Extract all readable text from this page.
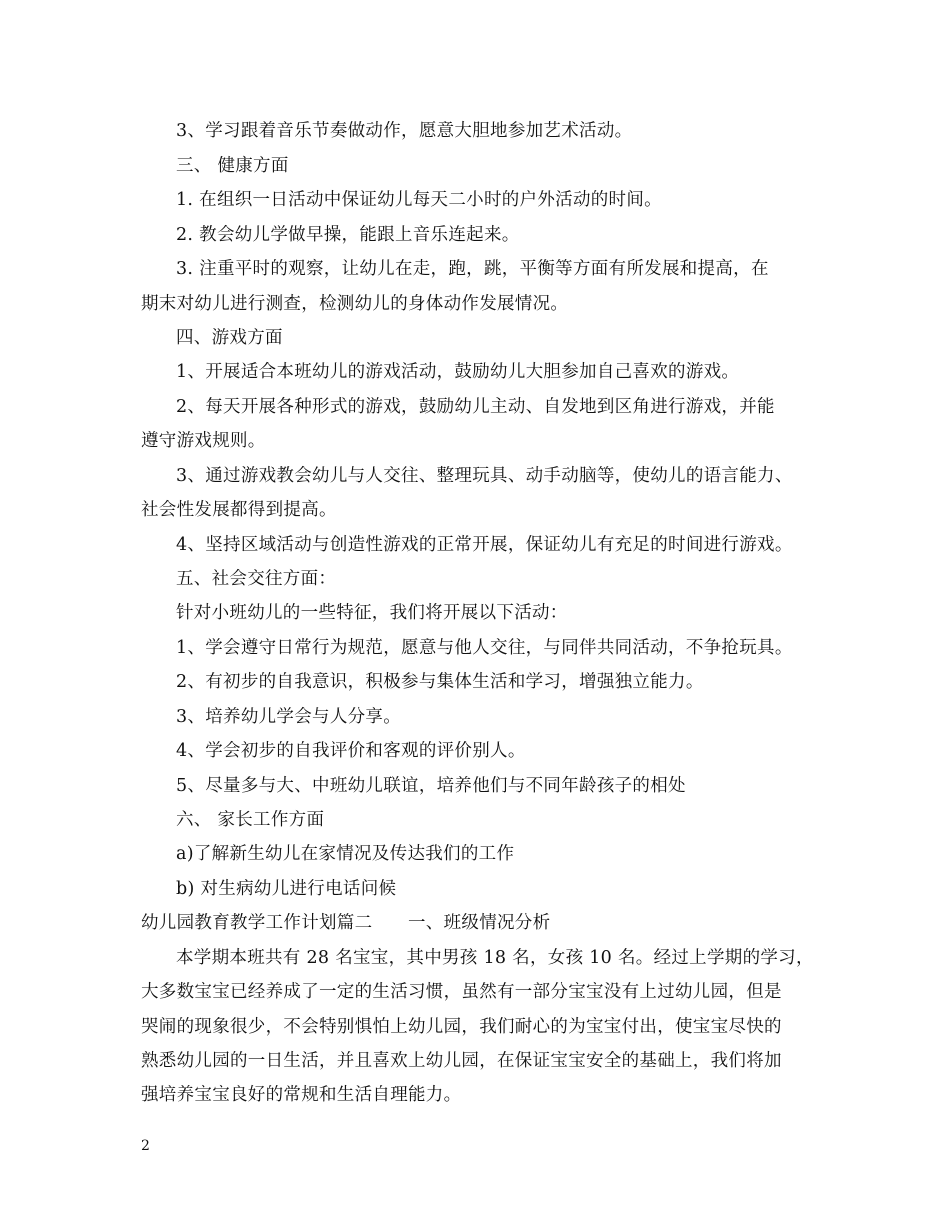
3、学习跟着音乐节奏做动作，愿意大胆地参加艺术活动。
三、 健康方面
1. 在组织一日活动中保证幼儿每天二小时的户外活动的时间。
2. 教会幼儿学做早操，能跟上音乐连起来。
3. 注重平时的观察，让幼儿在走，跑，跳，平衡等方面有所发展和提高，在
期末对幼儿进行测查，检测幼儿的身体动作发展情况。
四、游戏方面
1、开展适合本班幼儿的游戏活动，鼓励幼儿大胆参加自己喜欢的游戏。
2、每天开展各种形式的游戏，鼓励幼儿主动、自发地到区角进行游戏，并能
遵守游戏规则。
3、通过游戏教会幼儿与人交往、整理玩具、动手动脑等，使幼儿的语言能力、
社会性发展都得到提高。
4、坚持区域活动与创造性游戏的正常开展，保证幼儿有充足的时间进行游戏。
五、社会交往方面：
针对小班幼儿的一些特征，我们将开展以下活动：
1、学会遵守日常行为规范，愿意与他人交往，与同伴共同活动，不争抢玩具。
2、有初步的自我意识，积极参与集体生活和学习，增强独立能力。
3、培养幼儿学会与人分享。
4、学会初步的自我评价和客观的评价别人。
5、尽量多与大、中班幼儿联谊，培养他们与不同年龄孩子的相处
六、 家长工作方面
a)了解新生幼儿在家情况及传达我们的工作
b) 对生病幼儿进行电话问候
幼儿园教育教学工作计划篇二　　一、班级情况分析
本学期本班共有 28 名宝宝，其中男孩 18 名，女孩 10 名。经过上学期的学习，
大多数宝宝已经养成了一定的生活习惯，虽然有一部分宝宝没有上过幼儿园，但是
哭闹的现象很少，不会特别惧怕上幼儿园，我们耐心的为宝宝付出，使宝宝尽快的
熟悉幼儿园的一日生活，并且喜欢上幼儿园，在保证宝宝安全的基础上，我们将加
强培养宝宝良好的常规和生活自理能力。
2
